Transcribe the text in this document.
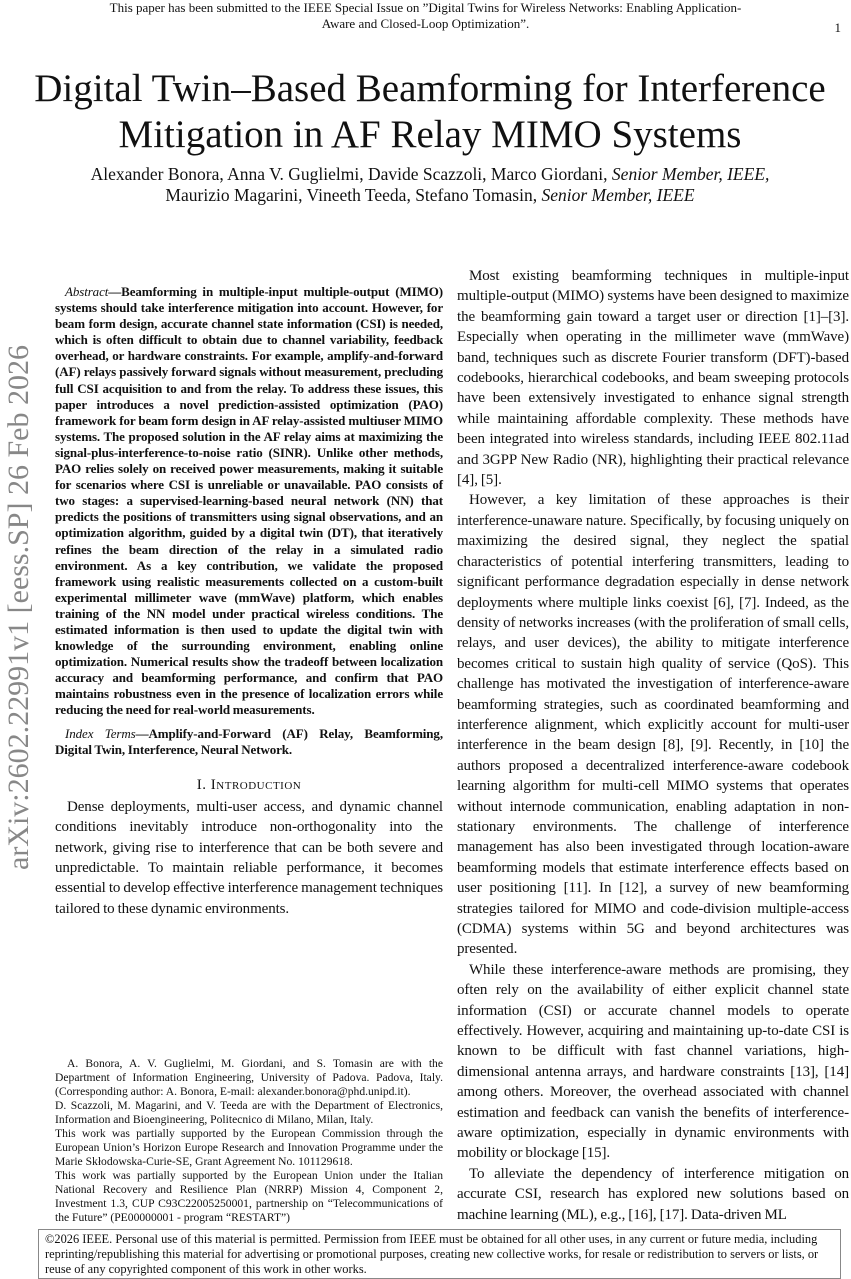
This paper has been submitted to the IEEE Special Issue on ”Digital Twins for Wireless Networks: Enabling Application-Aware and Closed-Loop Optimization”.	1
Digital Twin–Based Beamforming for Interference Mitigation in AF Relay MIMO Systems
Alexander Bonora, Anna V. Guglielmi, Davide Scazzoli, Marco Giordani, Senior Member, IEEE,
Maurizio Magarini, Vineeth Teeda, Stefano Tomasin, Senior Member, IEEE
arXiv:2602.22991v1 [eess.SP] 26 Feb 2026

Abstract—Beamforming in multiple-input multiple-output (MIMO) systems should take interference mitigation into account. However, for beam form design, accurate channel state information (CSI) is needed, which is often difficult to obtain due to channel variability, feedback overhead, or hardware constraints. For example, amplify-and-forward (AF) relays passively forward signals without measurement, precluding full CSI acquisition to and from the relay. To address these issues, this paper introduces a novel prediction-assisted optimization (PAO) framework for beam form design in AF relay-assisted multiuser MIMO systems. The proposed solution in the AF relay aims at maximizing the signal-plus-interference-to-noise ratio (SINR). Unlike other methods, PAO relies solely on received power measurements, making it suitable for scenarios where CSI is unreliable or unavailable. PAO consists of two stages: a supervised-learning-based neural network (NN) that predicts the positions of transmitters using signal observations, and an optimization algorithm, guided by a digital twin (DT), that iteratively refines the beam direction of the relay in a simulated radio environment. As a key contribution, we validate the proposed framework using realistic measurements collected on a custom-built experimental millimeter wave (mmWave) platform, which enables training of the NN model under practical wireless conditions. The estimated information is then used to update the digital twin with knowledge of the surrounding environment, enabling online optimization. Numerical results show the tradeoff between localization accuracy and beamforming performance, and confirm that PAO maintains robustness even in the presence of localization errors while reducing the need for real-world measurements.

Index Terms—Amplify-and-Forward (AF) Relay, Beamforming, Digital Twin, Interference, Neural Network.

I. Introduction

Dense deployments, multi-user access, and dynamic channel conditions inevitably introduce non-orthogonality into the network, giving rise to interference that can be both severe and unpredictable. To maintain reliable performance, it becomes essential to develop effective interference management techniques tailored to these dynamic environments.

A. Bonora, A. V. Guglielmi, M. Giordani, and S. Tomasin are with the Department of Information Engineering, University of Padova. Padova, Italy. (Corresponding author: A. Bonora, E-mail: alexander.bonora@phd.unipd.it).

D. Scazzoli, M. Magarini, and V. Teeda are with the Department of Electronics, Information and Bioengineering, Politecnico di Milano, Milan, Italy.

This work was partially supported by the European Commission through the European Union’s Horizon Europe Research and Innovation Programme under the Marie Skłodowska-Curie-SE, Grant Agreement No. 101129618.

This work was partially supported by the European Union under the Italian National Recovery and Resilience Plan (NRRP) Mission 4, Component 2, Investment 1.3, CUP C93C22005250001, partnership on “Telecommunications of the Future” (PE00000001 - program “RESTART”)

Most existing beamforming techniques in multiple-input multiple-output (MIMO) systems have been designed to maximize the beamforming gain toward a target user or direction [1]–[3]. Especially when operating in the millimeter wave (mmWave) band, techniques such as discrete Fourier transform (DFT)-based codebooks, hierarchical codebooks, and beam sweeping protocols have been extensively investigated to enhance signal strength while maintaining affordable complexity. These methods have been integrated into wireless standards, including IEEE 802.11ad and 3GPP New Radio (NR), highlighting their practical relevance [4], [5].

However, a key limitation of these approaches is their interference-unaware nature. Specifically, by focusing uniquely on maximizing the desired signal, they neglect the spatial characteristics of potential interfering transmitters, leading to significant performance degradation especially in dense network deployments where multiple links coexist [6], [7]. Indeed, as the density of networks increases (with the proliferation of small cells, relays, and user devices), the ability to mitigate interference becomes critical to sustain high quality of service (QoS). This challenge has motivated the investigation of interference-aware beamforming strategies, such as coordinated beamforming and interference alignment, which explicitly account for multi-user interference in the beam design [8], [9]. Recently, in [10] the authors proposed a decentralized interference-aware codebook learning algorithm for multi-cell MIMO systems that operates without internode communication, enabling adaptation in non-stationary environments. The challenge of interference management has also been investigated through location-aware beamforming models that estimate interference effects based on user positioning [11]. In [12], a survey of new beamforming strategies tailored for MIMO and code-division multiple-access (CDMA) systems within 5G and beyond architectures was presented.

While these interference-aware methods are promising, they often rely on the availability of either explicit channel state information (CSI) or accurate channel models to operate effectively. However, acquiring and maintaining up-to-date CSI is known to be difficult with fast channel variations, high-dimensional antenna arrays, and hardware constraints [13], [14] among others. Moreover, the overhead associated with channel estimation and feedback can vanish the benefits of interference-aware optimization, especially in dynamic environments with mobility or blockage [15].

To alleviate the dependency of interference mitigation on accurate CSI, research has explored new solutions based on machine learning (ML), e.g., [16], [17]. Data-driven ML

©2026 IEEE. Personal use of this material is permitted. Permission from IEEE must be obtained for all other uses, in any current or future media, including reprinting/republishing this material for advertising or promotional purposes, creating new collective works, for resale or redistribution to servers or lists, or reuse of any copyrighted component of this work in other works.
